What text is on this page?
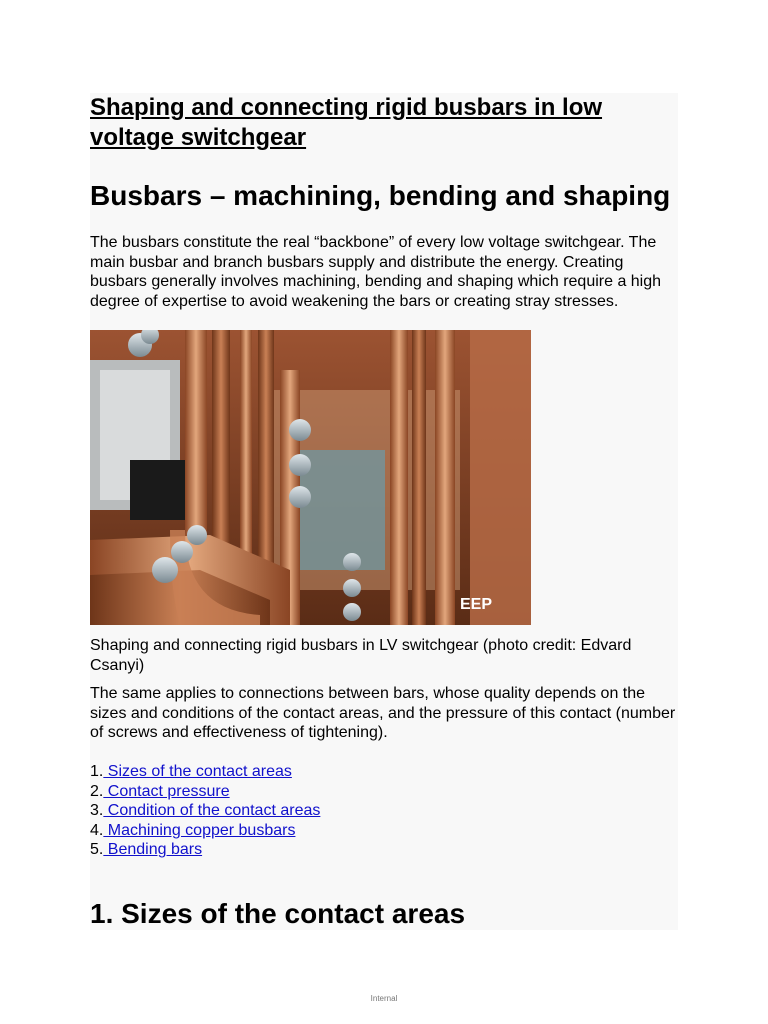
Shaping and connecting rigid busbars in low voltage switchgear
Busbars – machining, bending and shaping

The busbars constitute the real “backbone” of every low voltage switchgear. The main busbar and branch busbars supply and distribute the energy. Creating busbars generally involves machining, bending and shaping which require a high degree of expertise to avoid weakening the bars or creating stray stresses.

EEP

Shaping and connecting rigid busbars in LV switchgear (photo credit: Edvard Csanyi)

The same applies to connections between bars, whose quality depends on the sizes and conditions of the contact areas, and the pressure of this contact (number of screws and effectiveness of tightening).

1. Sizes of the contact areas
2. Contact pressure
3. Condition of the contact areas
4. Machining copper busbars
5. Bending bars
1. Sizes of the contact areas
Internal
